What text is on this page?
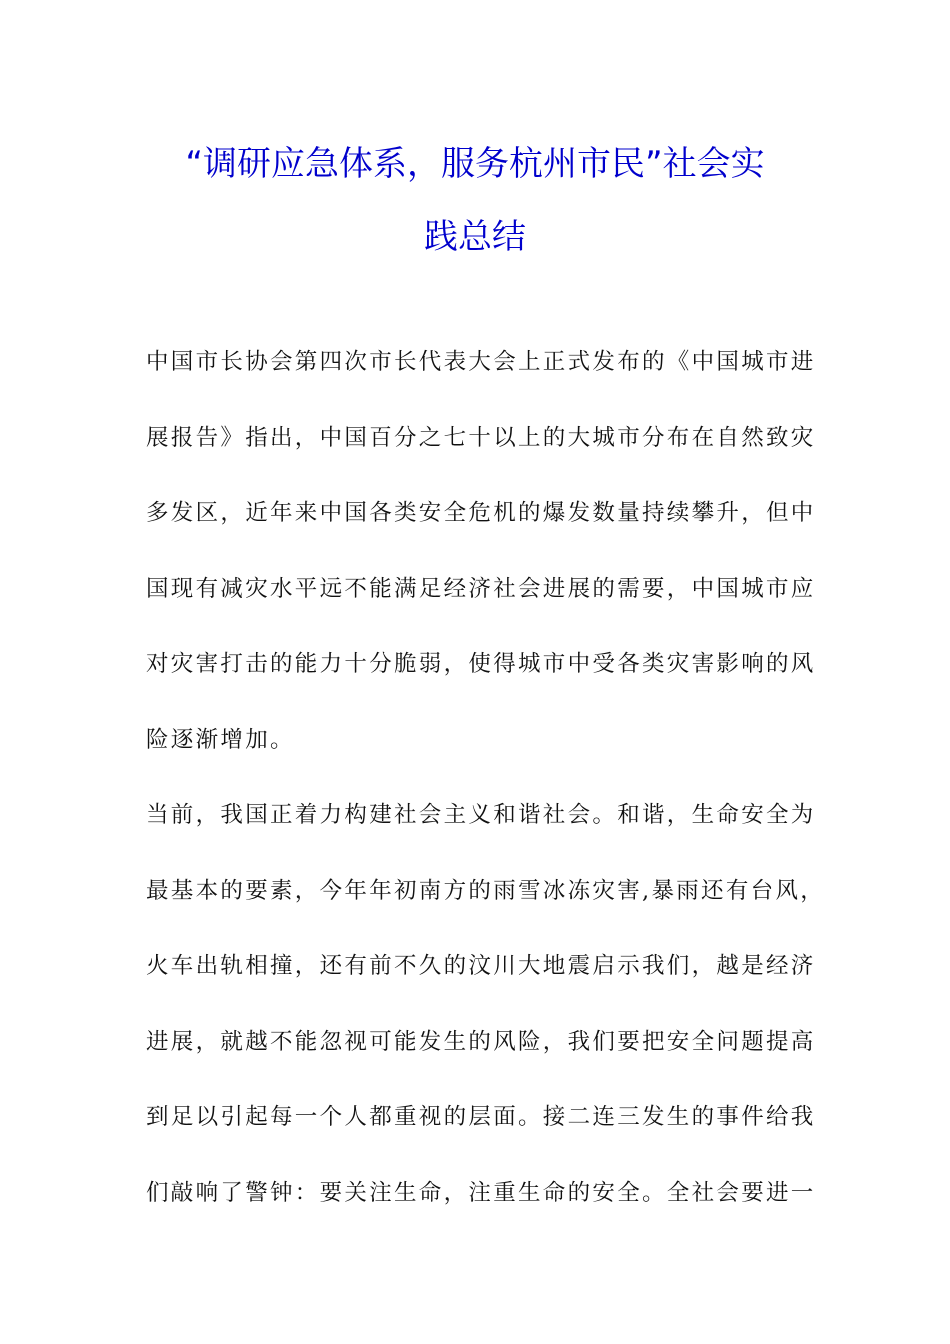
“调研应急体系，服务杭州市民”社会实
践总结
中国市长协会第四次市长代表大会上正式发布的《中国城市进
展报告》指出，中国百分之七十以上的大城市分布在自然致灾
多发区，近年来中国各类安全危机的爆发数量持续攀升，但中
国现有减灾水平远不能满足经济社会进展的需要，中国城市应
对灾害打击的能力十分脆弱，使得城市中受各类灾害影响的风
险逐渐增加。
当前，我国正着力构建社会主义和谐社会。和谐，生命安全为
最基本的要素，今年年初南方的雨雪冰冻灾害,暴雨还有台风，
火车出轨相撞，还有前不久的汶川大地震启示我们，越是经济
进展，就越不能忽视可能发生的风险，我们要把安全问题提高
到足以引起每一个人都重视的层面。接二连三发生的事件给我
们敲响了警钟：要关注生命，注重生命的安全。全社会要进一
